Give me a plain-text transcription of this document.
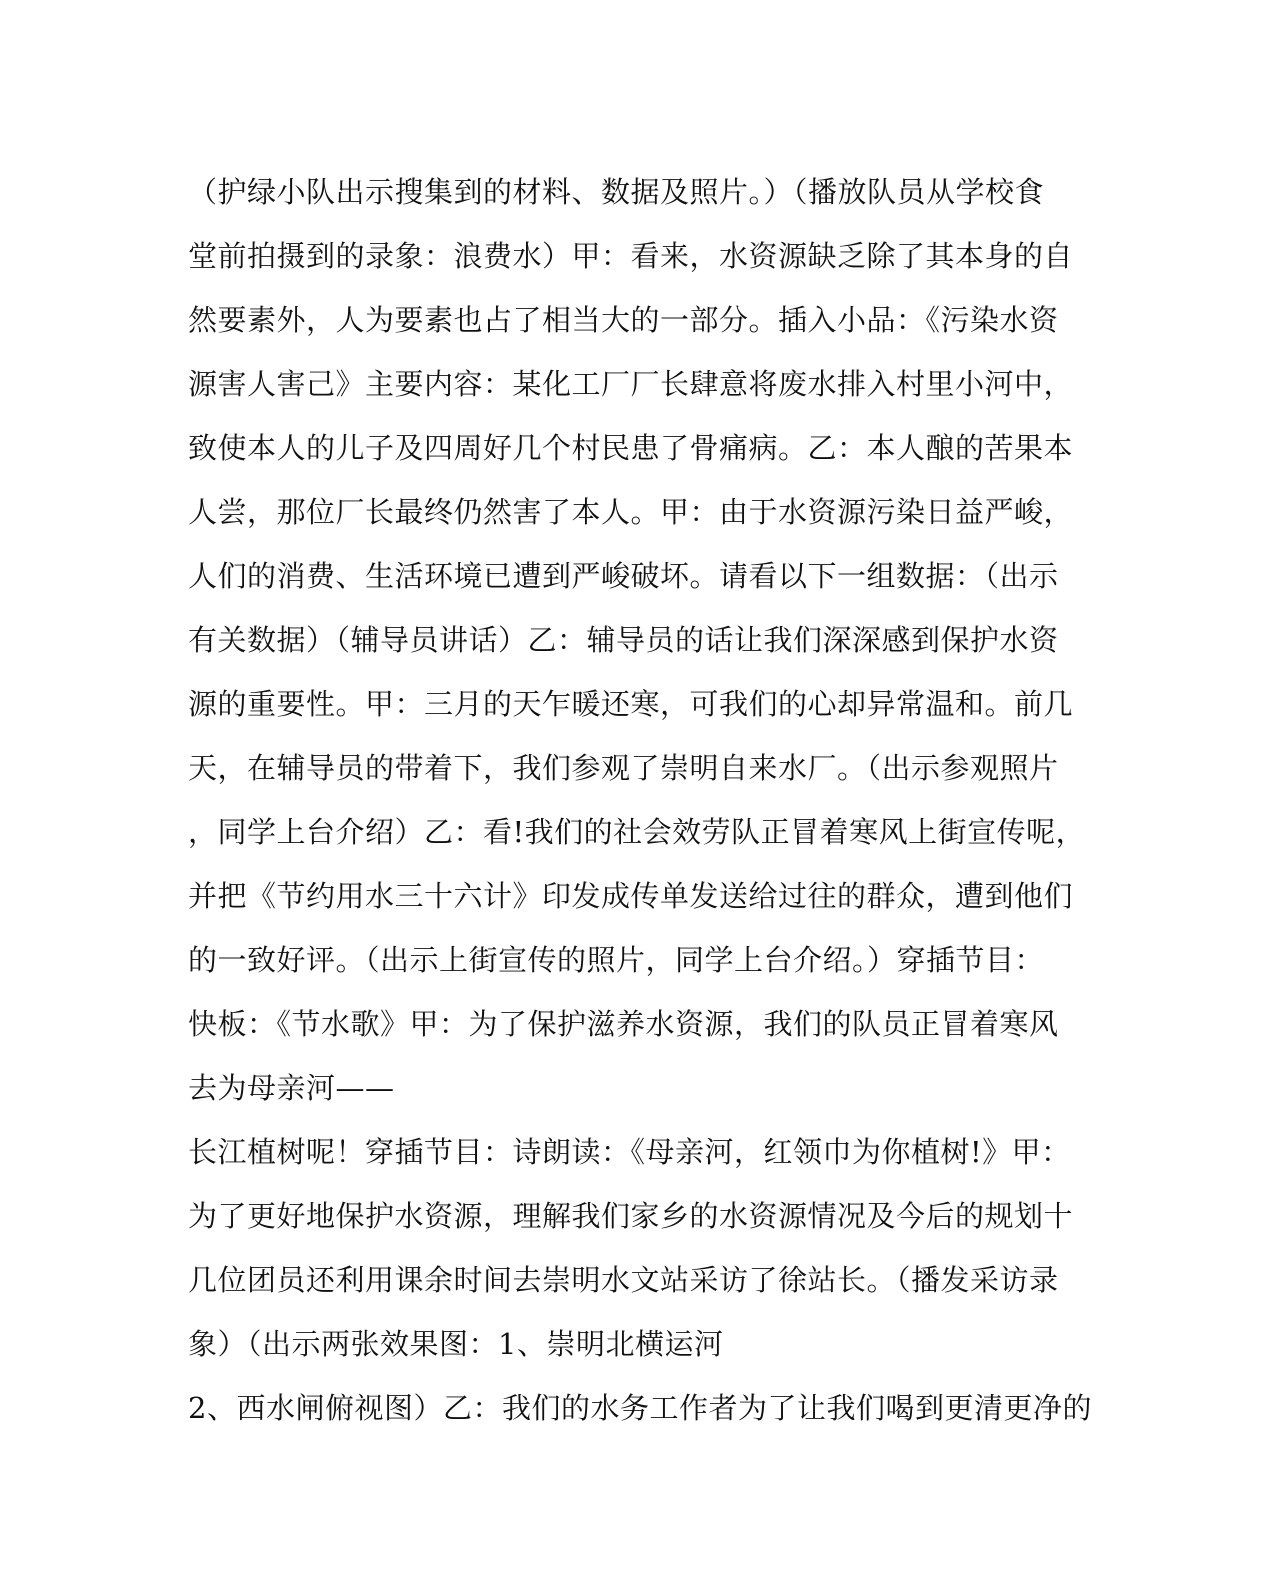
（护绿小队出示搜集到的材料、数据及照片。）（播放队员从学校食
堂前拍摄到的录象：浪费水）甲：看来，水资源缺乏除了其本身的自
然要素外，人为要素也占了相当大的一部分。插入小品：《污染水资
源害人害己》主要内容：某化工厂厂长肆意将废水排入村里小河中，
致使本人的儿子及四周好几个村民患了骨痛病。乙：本人酿的苦果本
人尝，那位厂长最终仍然害了本人。甲：由于水资源污染日益严峻，
人们的消费、生活环境已遭到严峻破坏。请看以下一组数据：（出示
有关数据）（辅导员讲话）乙：辅导员的话让我们深深感到保护水资
源的重要性。甲：三月的天乍暖还寒，可我们的心却异常温和。前几
天，在辅导员的带着下，我们参观了崇明自来水厂。（出示参观照片
，同学上台介绍）乙：看!我们的社会效劳队正冒着寒风上街宣传呢，
并把《节约用水三十六计》印发成传单发送给过往的群众，遭到他们
的一致好评。（出示上街宣传的照片，同学上台介绍。）穿插节目：
快板：《节水歌》甲：为了保护滋养水资源，我们的队员正冒着寒风
去为母亲河——
长江植树呢！穿插节目：诗朗读：《母亲河，红领巾为你植树!》甲：
为了更好地保护水资源，理解我们家乡的水资源情况及今后的规划十
几位团员还利用课余时间去崇明水文站采访了徐站长。（播发采访录
象）（出示两张效果图：1、崇明北横运河
2、西水闸俯视图）乙：我们的水务工作者为了让我们喝到更清更净的
